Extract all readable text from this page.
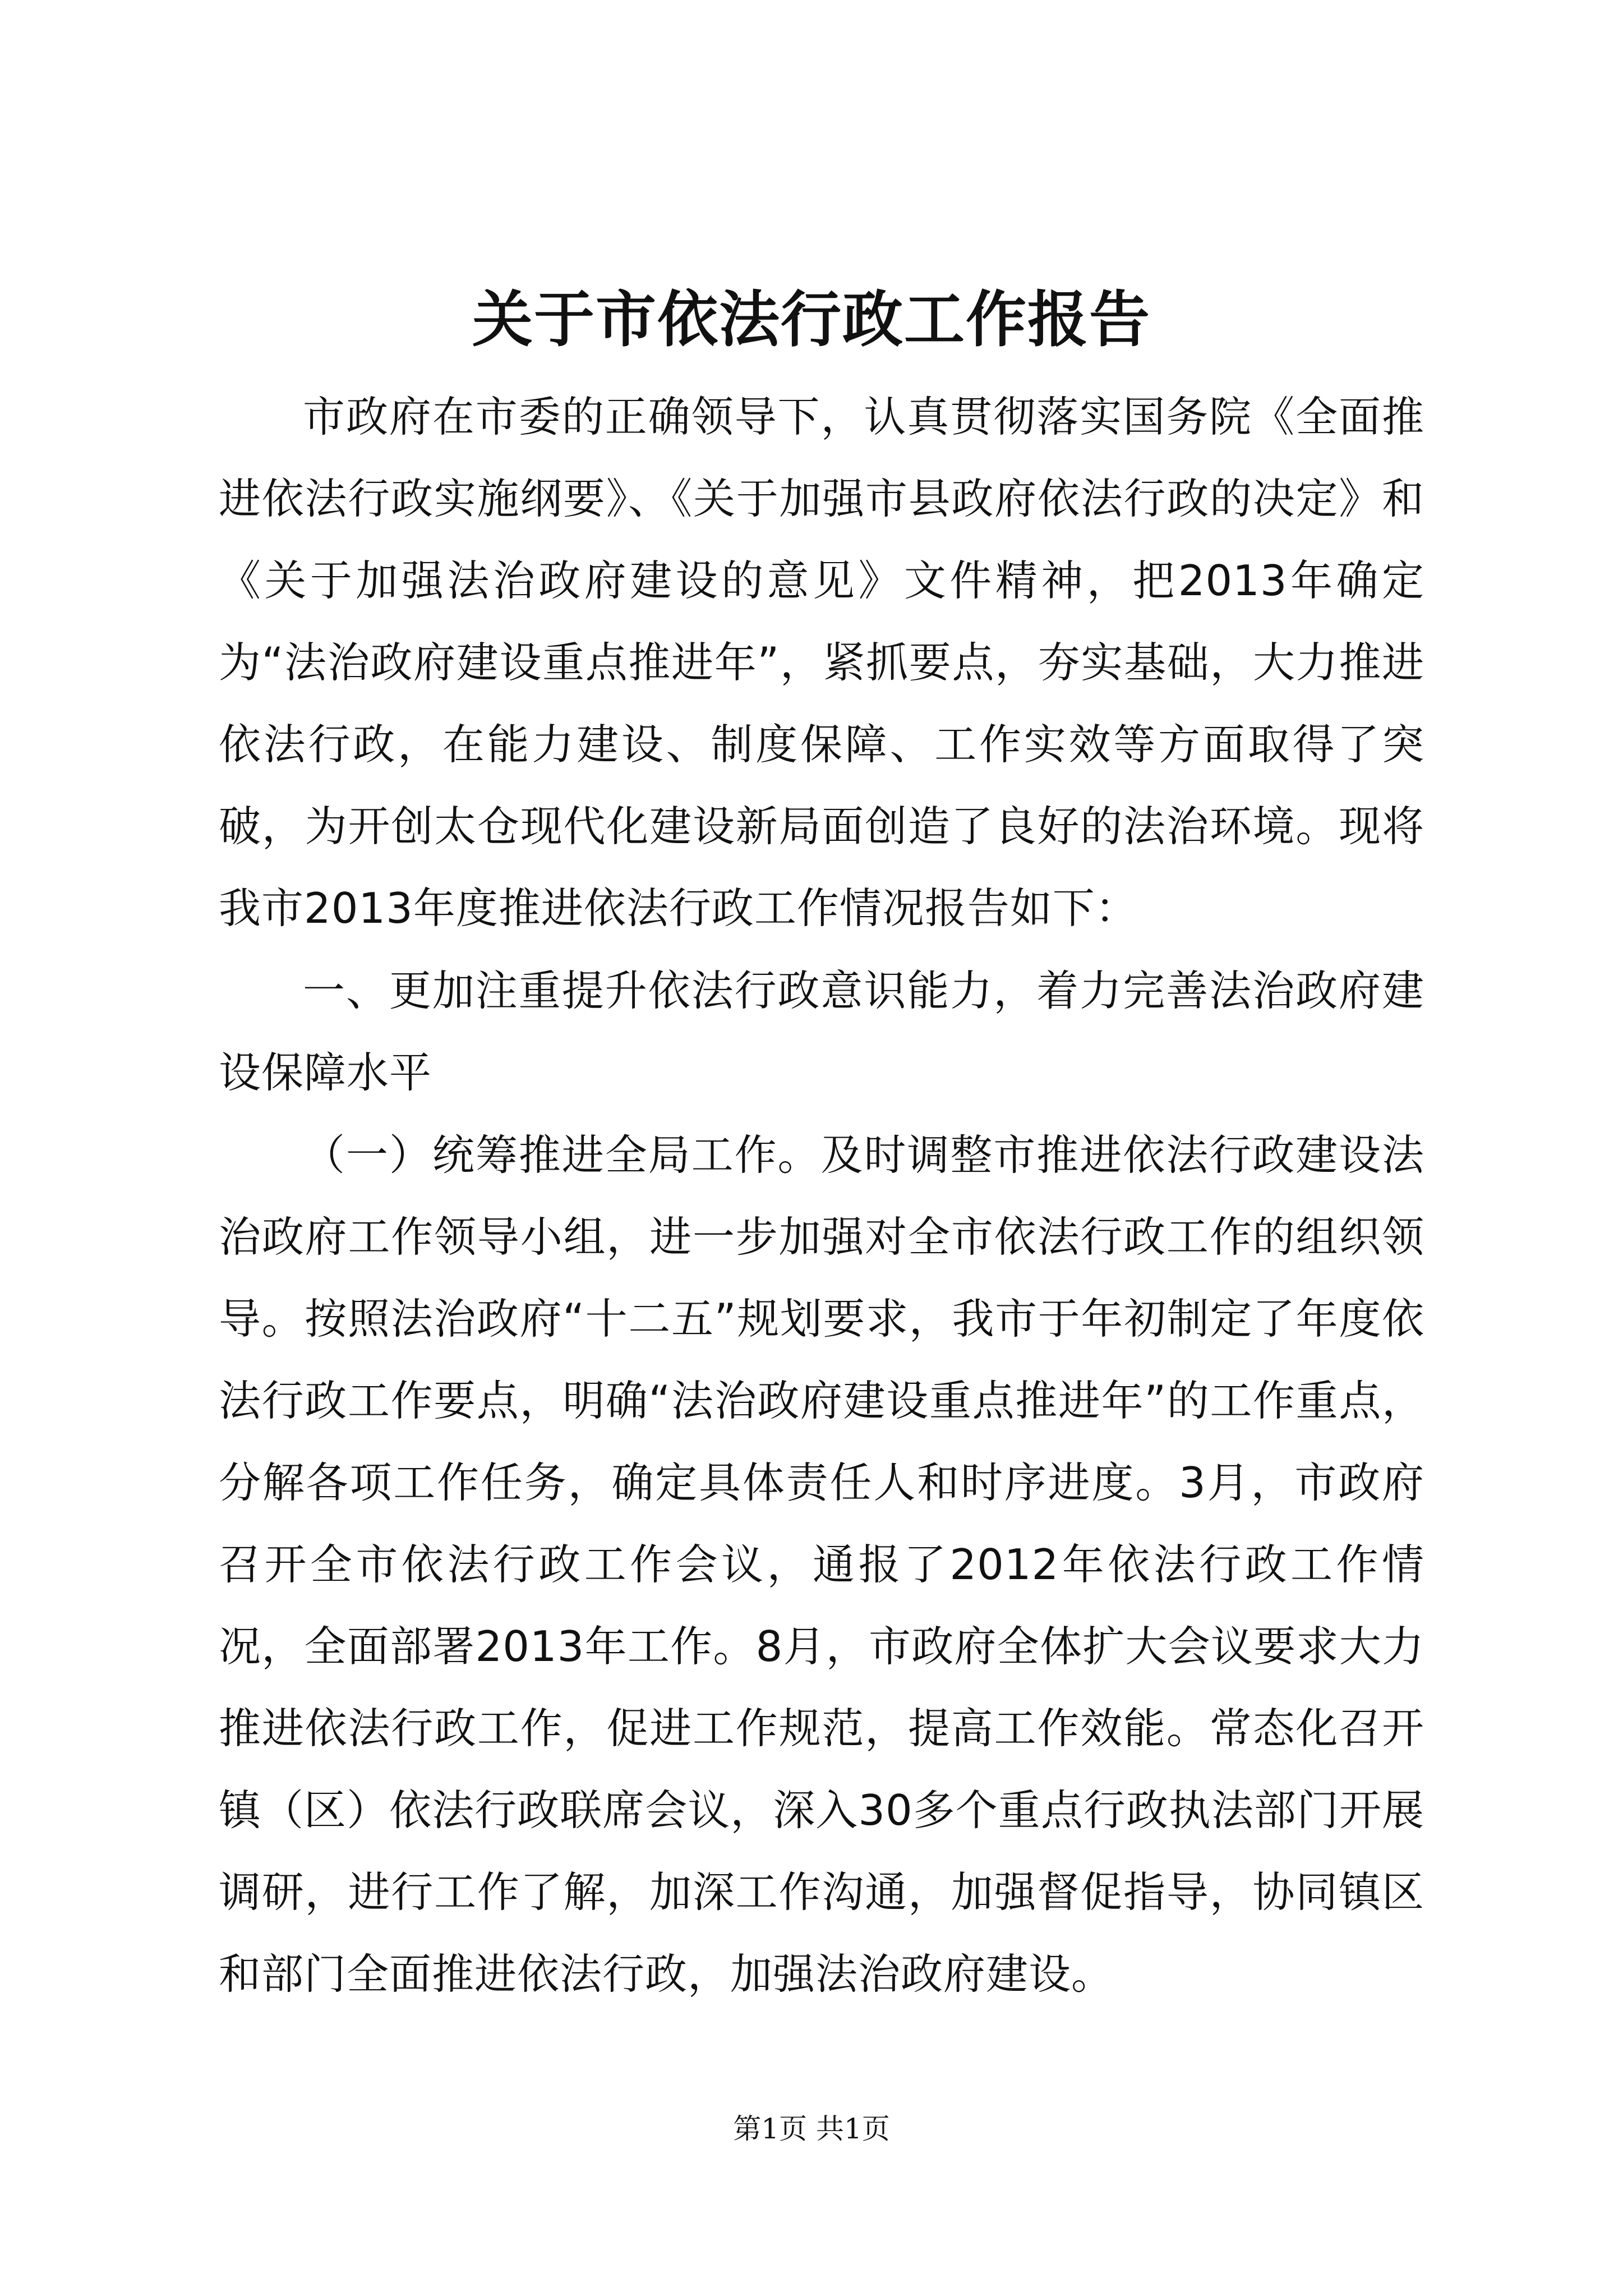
关于市依法行政工作报告
市政府在市委的正确领导下，认真贯彻落实国务院《全面推进依法行政实施纲要》、《关于加强市县政府依法行政的决定》和《关于加强法治政府建设的意见》文件精神，把2013年确定为“法治政府建设重点推进年”，紧抓要点，夯实基础，大力推进依法行政，在能力建设、制度保障、工作实效等方面取得了突破，为开创太仓现代化建设新局面创造了良好的法治环境。现将我市2013年度推进依法行政工作情况报告如下：
一、更加注重提升依法行政意识能力，着力完善法治政府建设保障水平
（一）统筹推进全局工作。及时调整市推进依法行政建设法治政府工作领导小组，进一步加强对全市依法行政工作的组织领导。按照法治政府“十二五”规划要求，我市于年初制定了年度依法行政工作要点，明确“法治政府建设重点推进年”的工作重点，分解各项工作任务，确定具体责任人和时序进度。3月，市政府召开全市依法行政工作会议，通报了2012年依法行政工作情况，全面部署2013年工作。8月，市政府全体扩大会议要求大力推进依法行政工作，促进工作规范，提高工作效能。常态化召开镇（区）依法行政联席会议，深入30多个重点行政执法部门开展调研，进行工作了解，加深工作沟通，加强督促指导，协同镇区和部门全面推进依法行政，加强法治政府建设。
第1页 共1页
